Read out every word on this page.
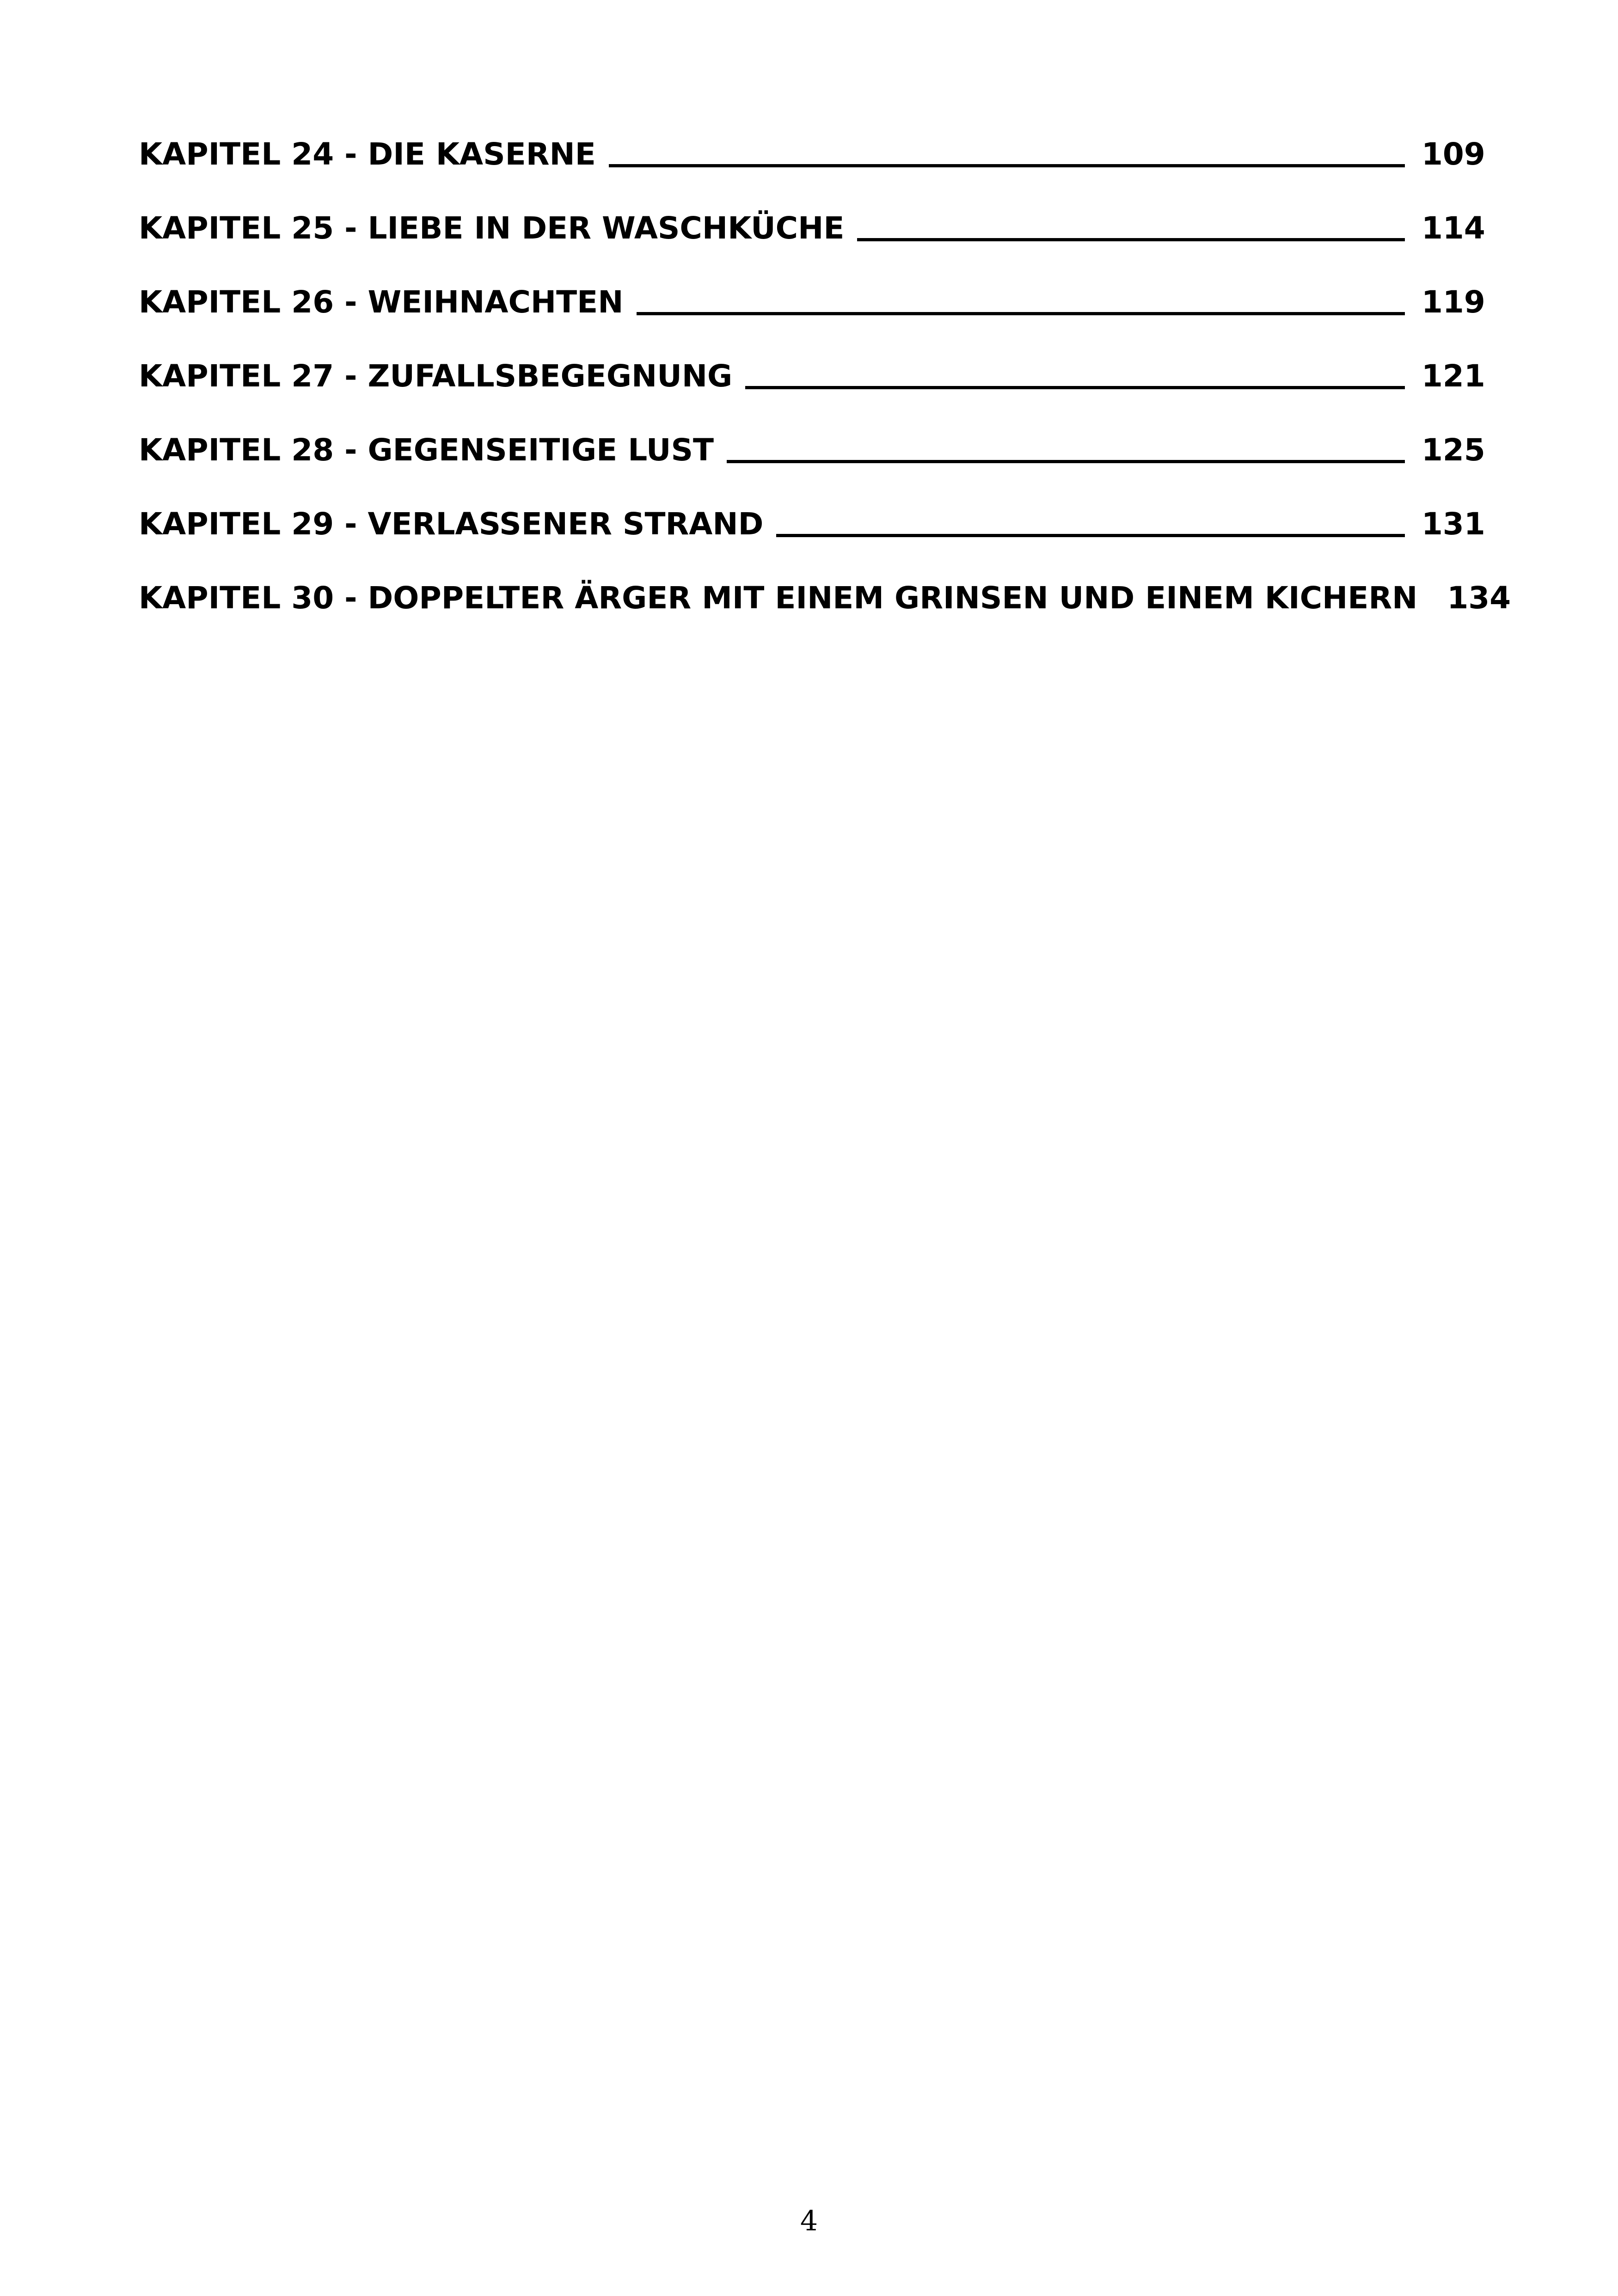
KAPITEL 24 - DIE KASERNE	109
KAPITEL 25 - LIEBE IN DER WASCHKÜCHE	114
KAPITEL 26 - WEIHNACHTEN	119
KAPITEL 27 - ZUFALLSBEGEGNUNG	121
KAPITEL 28 - GEGENSEITIGE LUST	125
KAPITEL 29 - VERLASSENER STRAND	131
KAPITEL 30 - DOPPELTER ÄRGER MIT EINEM GRINSEN UND EINEM KICHERN 134
4
